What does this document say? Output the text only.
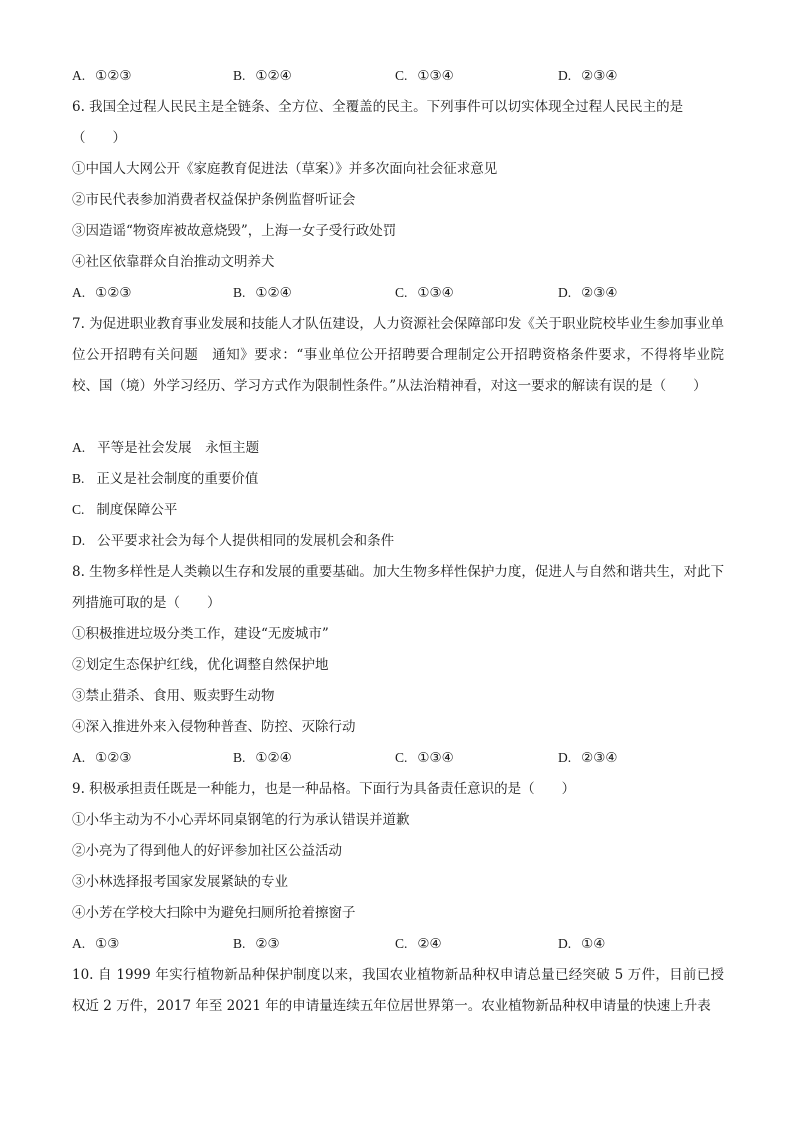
A. ①②③	B. ①②④	C. ①③④	D. ②③④
6. 我国全过程人民民主是全链条、全方位、全覆盖的民主。下列事件可以切实体现全过程人民民主的是
（　　）
①中国人大网公开《家庭教育促进法（草案）》并多次面向社会征求意见
②市民代表参加消费者权益保护条例监督听证会
③因造谣“物资库被故意烧毁”，上海一女子受行政处罚
④社区依靠群众自治推动文明养犬
A. ①②③	B. ①②④	C. ①③④	D. ②③④
7. 为促进职业教育事业发展和技能人才队伍建设，人力资源社会保障部印发《关于职业院校毕业生参加事业单位公开招聘有关问题　通知》要求：“事业单位公开招聘要合理制定公开招聘资格条件要求，不得将毕业院校、国（境）外学习经历、学习方式作为限制性条件。”从法治精神看，对这一要求的解读有误的是（　　）
A. 平等是社会发展　永恒主题
B. 正义是社会制度的重要价值
C. 制度保障公平
D. 公平要求社会为每个人提供相同的发展机会和条件
8. 生物多样性是人类赖以生存和发展的重要基础。加大生物多样性保护力度，促进人与自然和谐共生，对此下列措施可取的是（　　）
①积极推进垃圾分类工作，建设“无废城市”
②划定生态保护红线，优化调整自然保护地
③禁止猎杀、食用、贩卖野生动物
④深入推进外来入侵物种普查、防控、灭除行动
A. ①②③	B. ①②④	C. ①③④	D. ②③④
9. 积极承担责任既是一种能力，也是一种品格。下面行为具备责任意识的是（　　）
①小华主动为不小心弄坏同桌钢笔的行为承认错误并道歉
②小亮为了得到他人的好评参加社区公益活动
③小林选择报考国家发展紧缺的专业
④小芳在学校大扫除中为避免扫厕所抢着擦窗子
A. ①③	B. ②③	C. ②④	D. ①④
10. 自 1999 年实行植物新品种保护制度以来，我国农业植物新品种权申请总量已经突破 5 万件，目前已授权近 2 万件，2017 年至 2021 年的申请量连续五年位居世界第一。农业植物新品种权申请量的快速上升表
